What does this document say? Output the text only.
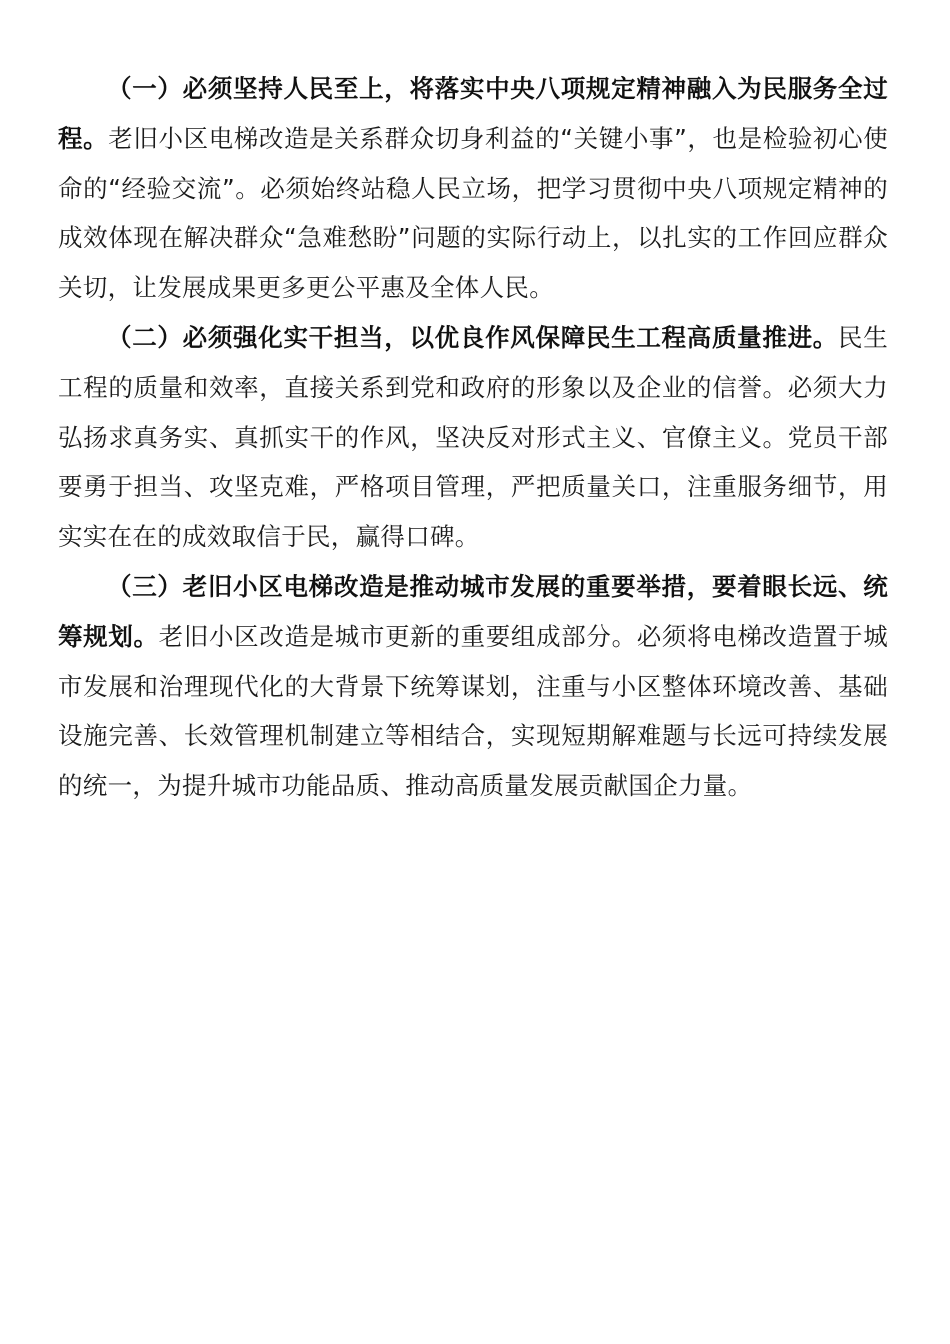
（一）必须坚持人民至上，将落实中央八项规定精神融入为民服务全过程。老旧小区电梯改造是关系群众切身利益的“关键小事”，也是检验初心使命的“经验交流”。必须始终站稳人民立场，把学习贯彻中央八项规定精神的成效体现在解决群众“急难愁盼”问题的实际行动上，以扎实的工作回应群众关切，让发展成果更多更公平惠及全体人民。

（二）必须强化实干担当，以优良作风保障民生工程高质量推进。民生工程的质量和效率，直接关系到党和政府的形象以及企业的信誉。必须大力弘扬求真务实、真抓实干的作风，坚决反对形式主义、官僚主义。党员干部要勇于担当、攻坚克难，严格项目管理，严把质量关口，注重服务细节，用实实在在的成效取信于民，赢得口碑。

（三）老旧小区电梯改造是推动城市发展的重要举措，要着眼长远、统筹规划。老旧小区改造是城市更新的重要组成部分。必须将电梯改造置于城市发展和治理现代化的大背景下统筹谋划，注重与小区整体环境改善、基础设施完善、长效管理机制建立等相结合，实现短期解难题与长远可持续发展的统一，为提升城市功能品质、推动高质量发展贡献国企力量。
